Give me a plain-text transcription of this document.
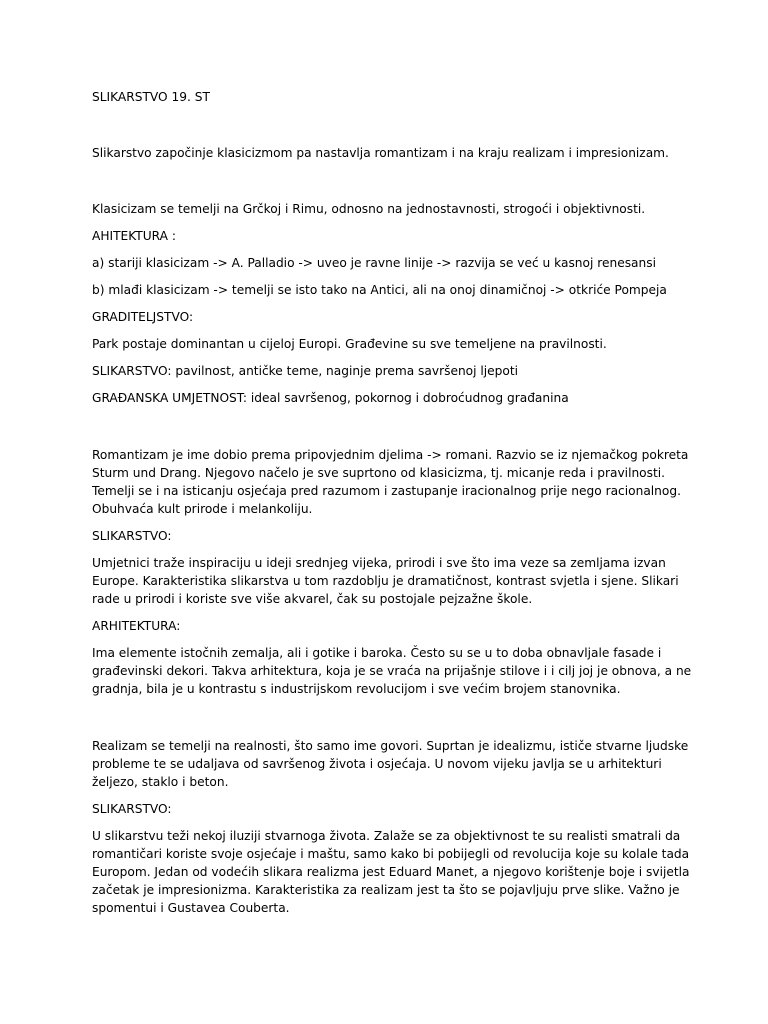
SLIKARSTVO 19. ST

Slikarstvo započinje klasicizmom pa nastavlja romantizam i na kraju realizam i impresionizam.

Klasicizam se temelji na Grčkoj i Rimu, odnosno na jednostavnosti, strogoći i objektivnosti.

AHITEKTURA :

a) stariji klasicizam -> A. Palladio -> uveo je ravne linije -> razvija se već u kasnoj renesansi

b) mlađi klasicizam -> temelji se isto tako na Antici, ali na onoj dinamičnoj -> otkriće Pompeja

GRADITELJSTVO:

Park postaje dominantan u cijeloj Europi. Građevine su sve temeljene na pravilnosti.

SLIKARSTVO: pavilnost, antičke teme, naginje prema savršenoj ljepoti

GRAĐANSKA UMJETNOST: ideal savršenog, pokornog i dobroćudnog građanina

Romantizam je ime dobio prema pripovjednim djelima -> romani. Razvio se iz njemačkog pokreta Sturm und Drang. Njegovo načelo je sve suprtono od klasicizma, tj. micanje reda i pravilnosti. Temelji se i na isticanju osjećaja pred razumom i zastupanje iracionalnog prije nego racionalnog. Obuhvaća kult prirode i melankoliju.

SLIKARSTVO:

Umjetnici traže inspiraciju u ideji srednjeg vijeka, prirodi i sve što ima veze sa zemljama izvan Europe. Karakteristika slikarstva u tom razdoblju je dramatičnost, kontrast svjetla i sjene. Slikari rade u prirodi i koriste sve više akvarel, čak su postojale pejzažne škole.

ARHITEKTURA:

Ima elemente istočnih zemalja, ali i gotike i baroka. Često su se u to doba obnavljale fasade i građevinski dekori. Takva arhitektura, koja je se vraća na prijašnje stilove i i cilj joj je obnova, a ne gradnja, bila je u kontrastu s industrijskom revolucijom i sve većim brojem stanovnika.

Realizam se temelji na realnosti, što samo ime govori. Suprtan je idealizmu, ističe stvarne ljudske probleme te se udaljava od savršenog života i osjećaja. U novom vijeku javlja se u arhitekturi željezo, staklo i beton.

SLIKARSTVO:

U slikarstvu teži nekoj iluziji stvarnoga života. Zalaže se za objektivnost te su realisti smatrali da romantičari koriste svoje osjećaje i maštu, samo kako bi pobijegli od revolucija koje su kolale tada Europom. Jedan od vodećih slikara realizma jest Eduard Manet, a njegovo korištenje boje i svijetla začetak je impresionizma. Karakteristika za realizam jest ta što se pojavljuju prve slike. Važno je spomentui i Gustavea Couberta.
